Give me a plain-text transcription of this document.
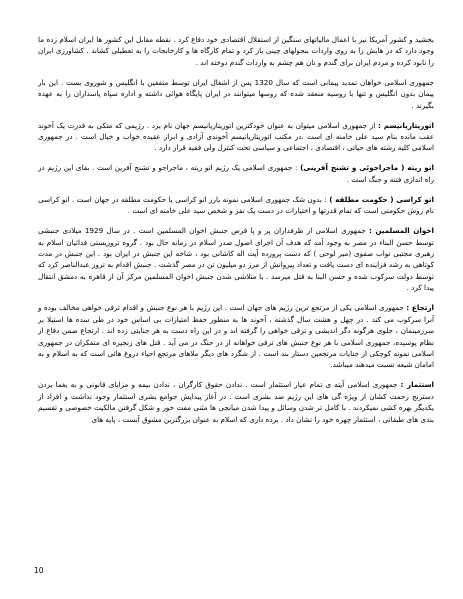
بخشید و کشور آمریکا نیز با اعمال مالیاتهای سنگین از استقلال اقتصادی خود دفاع کرد . نقطه مقابل این کشور ها ایران اسلام زده ما وجود دارد که در هایش را به روی واردات بنجولهای چینی باز کرد و تمام کارگاه ها و کارخانجات را به تعطیلی کشاند . کشاورزی ایران را نابود کرده و مردم ایران برای گندم و نان هم چشم به واردات گندم دوخته اند .

جمهوری اسلامی خواهان تمدید پیمانی است که سال 1320 پس از اشغال ایران توسط متفقین با انگلیس و شوروی بست . این بار پیمان بدون انگلیس و تنها با روسیه منعقد شده که روسها میتوانند در ایران پایگاه هوائی داشته و اداره سپاه پاسداران را به عهده بگیرند .

اتوریتاریانیسم : از جمهوری اسلامی میتوان به عنوان خودکترین اتوریتاریانیسم جهان نام برد . رژیمی که متکی به قدرت یک آخوند عقب مانده بنام سید علی خامنه ای است .در مکتب اتوریتاریانیسم آخوندی آزادی و ابراز عقیده خواب و خیال است . در جمهوری اسلامی کلیه رشته های حیاتی ، اقتصادی ، اجتماعی و سیاسی تحت کنترل ولی فقیه قرار دارد .

اتو ریته ( ماجراجوئی و تشنج آفرینی) : جمهوری اسلامی یک رژیم اتو ریته ، ماجراجو و تشنج آفرین است . بقای این رژیم در راه اندازی فتنه و جنگ است .

اتو کراسی ( حکومت مطلقه ) : بدون شک جمهوری اسلامی نمونه بارز اتو کراسی یا حکومت مطلقه در جهان است . اتو کراسی نام روش حکومتی است که تمام قدرتها و اختیارات در دست یک نفر و شخص سید علی خامنه ای است .

اخوان المسلمین : جمهوری اسلامی از طرفداران پر و پا قرص جنبش اخوان المسلمین است . در سال 1929 میلادی جنبشی توسط حسن البناء در مصر به وجود آمد که هدف آن اجرای اصول صدر اسلام در زمانه حال بود . گروه تروریستی فدائیان اسلام به رهبری مجتبی نواب صفوی (میر لوحی ) که دست پرورده آیت اله کاشانی بود ، شاخه این جنبش در ایران بود . این جنبش در مدت کوتاهی به رشد فزاینده ای دست یافت و تعداد پیروانش از مرز دو میلیون تن در مصر گذشت . جنبش اقدام به ترور عبدالناصر کرد که توسط دولت سرکوب شده و حسن البنا به قتل میرسد . با متلاشی شدن جنبش اخوان المسلمین مرکز آن از قاهره به دمشق انتقال پیدا کرد .

ارتجاع : جمهوری اسلامی یکی از مرتجع ترین رژیم های جهان است . این رژیم با هر نوع جنبش و اقدام ترقی خواهی مخالف بوده و آنرا سرکوب می کند . در چهل و هشت سال گذشته ، آخوند ها به منظور حفظ امتیازات بی اساس خود در طی سده ها استیلا بر سرزمینمان ، جلوی هرگونه دگر اندیشی و ترقی خواهی را گرفته اند و در این راه دست به هر جنایتی زده اند . ارتجاع ضمن دفاع از نظام پوسیده، جمهوری اسلامی با هر نوع جنبش های ترقی خواهانه از در جنگ در می آید . قتل های زنجیره ای متفکران در جمهوری اسلامی نمونه کوچکی از جنایات مرتجعین دستار بند است . از شگرد های دیگر ملاهای مرتجع احیاء دروغ هائی است که به اسلام و به امامان شیعه نسبت میدهند میباشد.

استثمار : جمهوری اسلامی آیته ی تمام عیار استثمار است . ندادن حقوق کارگران ، ندادن بیمه و مزایای قانونی و به یغما بردن دسترنج زحمت کشان از ویژه گی های این رژیم ضد بشری است . در آغاز پیدایش جوامع بشری استثمار وجود نداشت و افراد از یکدیگر بهره کشی نمیکردند . با کامل تر شدن وسائل و پیدا شدن میانجی ها مثنی مفت خور و شکل گرفتن مالکیت خصوصی و تقسیم بندی های طبقاتی ، استثمار چهره خود را نشان داد . برده داری که اسلام به عنوان بزرگترین مشوق آنست ، پایه های

10
